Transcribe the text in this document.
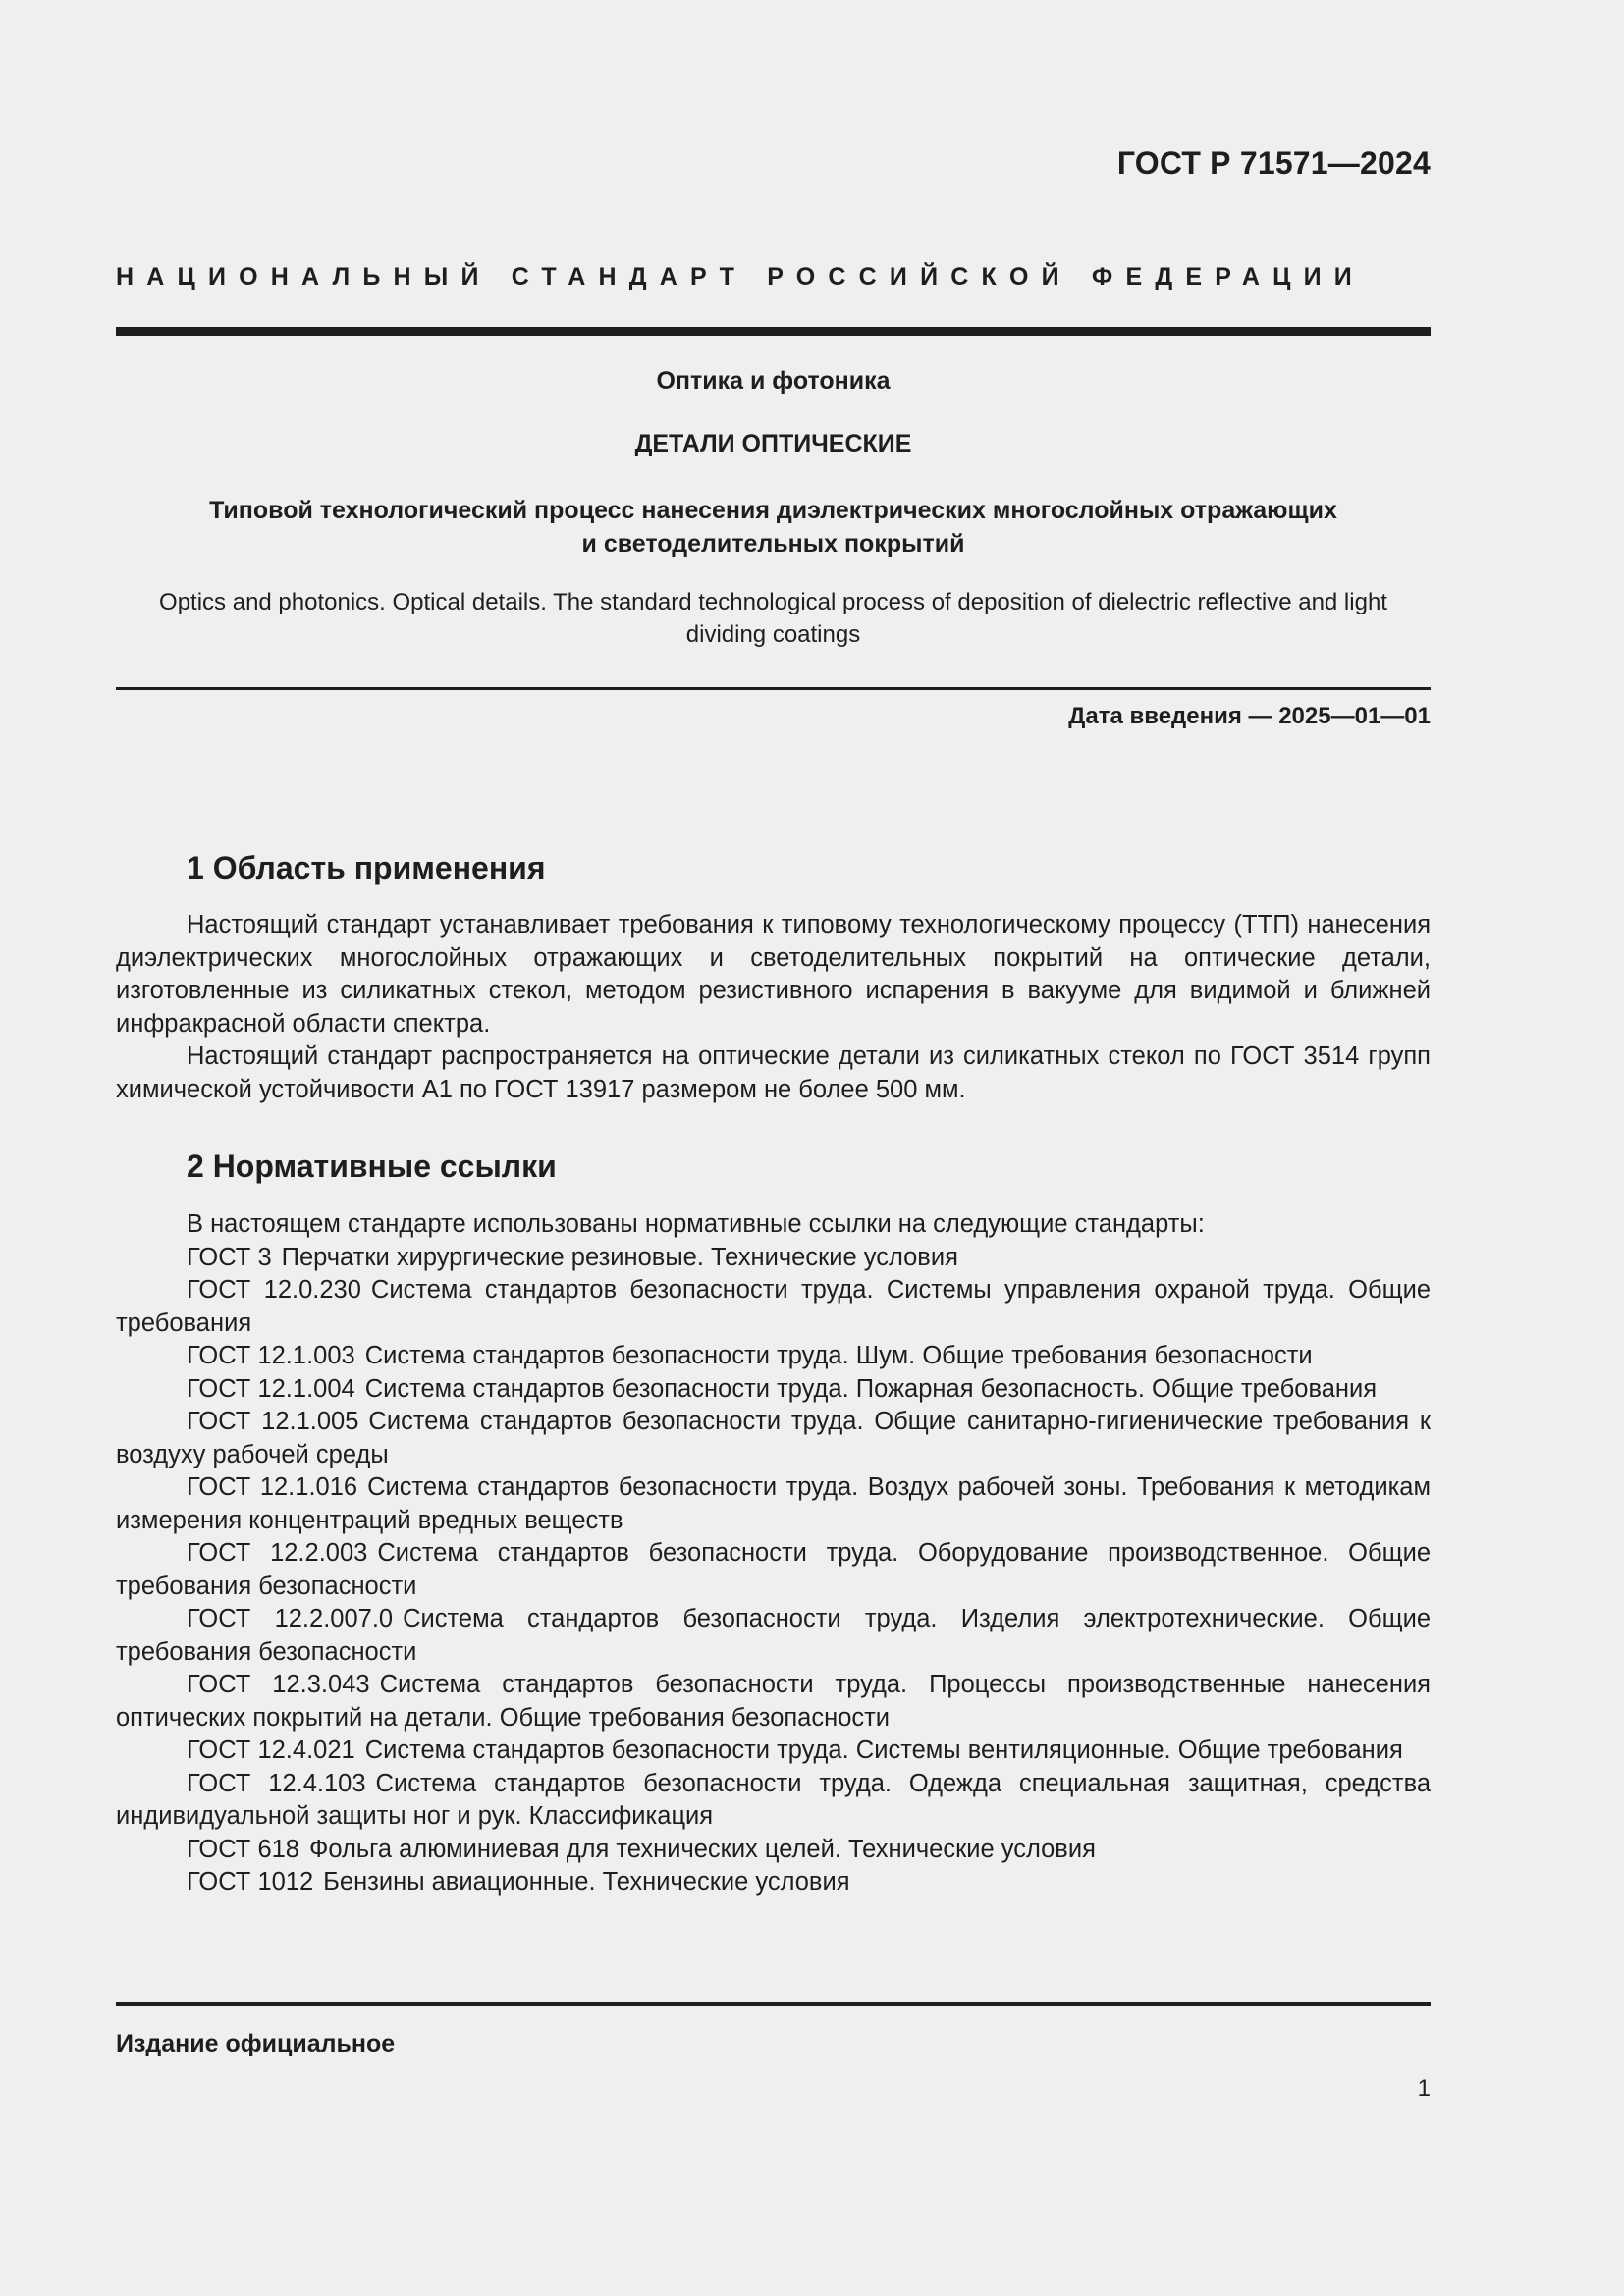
ГОСТ Р 71571—2024
НАЦИОНАЛЬНЫЙ СТАНДАРТ РОССИЙСКОЙ ФЕДЕРАЦИИ
Оптика и фотоника
ДЕТАЛИ ОПТИЧЕСКИЕ
Типовой технологический процесс нанесения диэлектрических многослойных отражающих
и светоделительных покрытий
Optics and photonics. Optical details. The standard technological process of deposition of dielectric reflective and light
dividing coatings
Дата введения — 2025—01—01
1 Область применения

Настоящий стандарт устанавливает требования к типовому технологическому процессу (ТТП) нанесения диэлектрических многослойных отражающих и светоделительных покрытий на оптические детали, изготовленные из силикатных стекол, методом резистивного испарения в вакууме для видимой и ближней инфракрасной области спектра.

Настоящий стандарт распространяется на оптические детали из силикатных стекол по ГОСТ 3514 групп химической устойчивости А1 по ГОСТ 13917 размером не более 500 мм.

2 Нормативные ссылки

В настоящем стандарте использованы нормативные ссылки на следующие стандарты:

ГОСТ 3 Перчатки хирургические резиновые. Технические условия

ГОСТ 12.0.230 Система стандартов безопасности труда. Системы управления охраной труда. Общие требования

ГОСТ 12.1.003 Система стандартов безопасности труда. Шум. Общие требования безопасности

ГОСТ 12.1.004 Система стандартов безопасности труда. Пожарная безопасность. Общие требования

ГОСТ 12.1.005 Система стандартов безопасности труда. Общие санитарно-гигиенические требования к воздуху рабочей среды

ГОСТ 12.1.016 Система стандартов безопасности труда. Воздух рабочей зоны. Требования к методикам измерения концентраций вредных веществ

ГОСТ 12.2.003 Система стандартов безопасности труда. Оборудование производственное. Общие требования безопасности

ГОСТ 12.2.007.0 Система стандартов безопасности труда. Изделия электротехнические. Общие требования безопасности

ГОСТ 12.3.043 Система стандартов безопасности труда. Процессы производственные нанесения оптических покрытий на детали. Общие требования безопасности

ГОСТ 12.4.021 Система стандартов безопасности труда. Системы вентиляционные. Общие требования

ГОСТ 12.4.103 Система стандартов безопасности труда. Одежда специальная защитная, средства индивидуальной защиты ног и рук. Классификация

ГОСТ 618 Фольга алюминиевая для технических целей. Технические условия

ГОСТ 1012 Бензины авиационные. Технические условия

Издание официальное
1
